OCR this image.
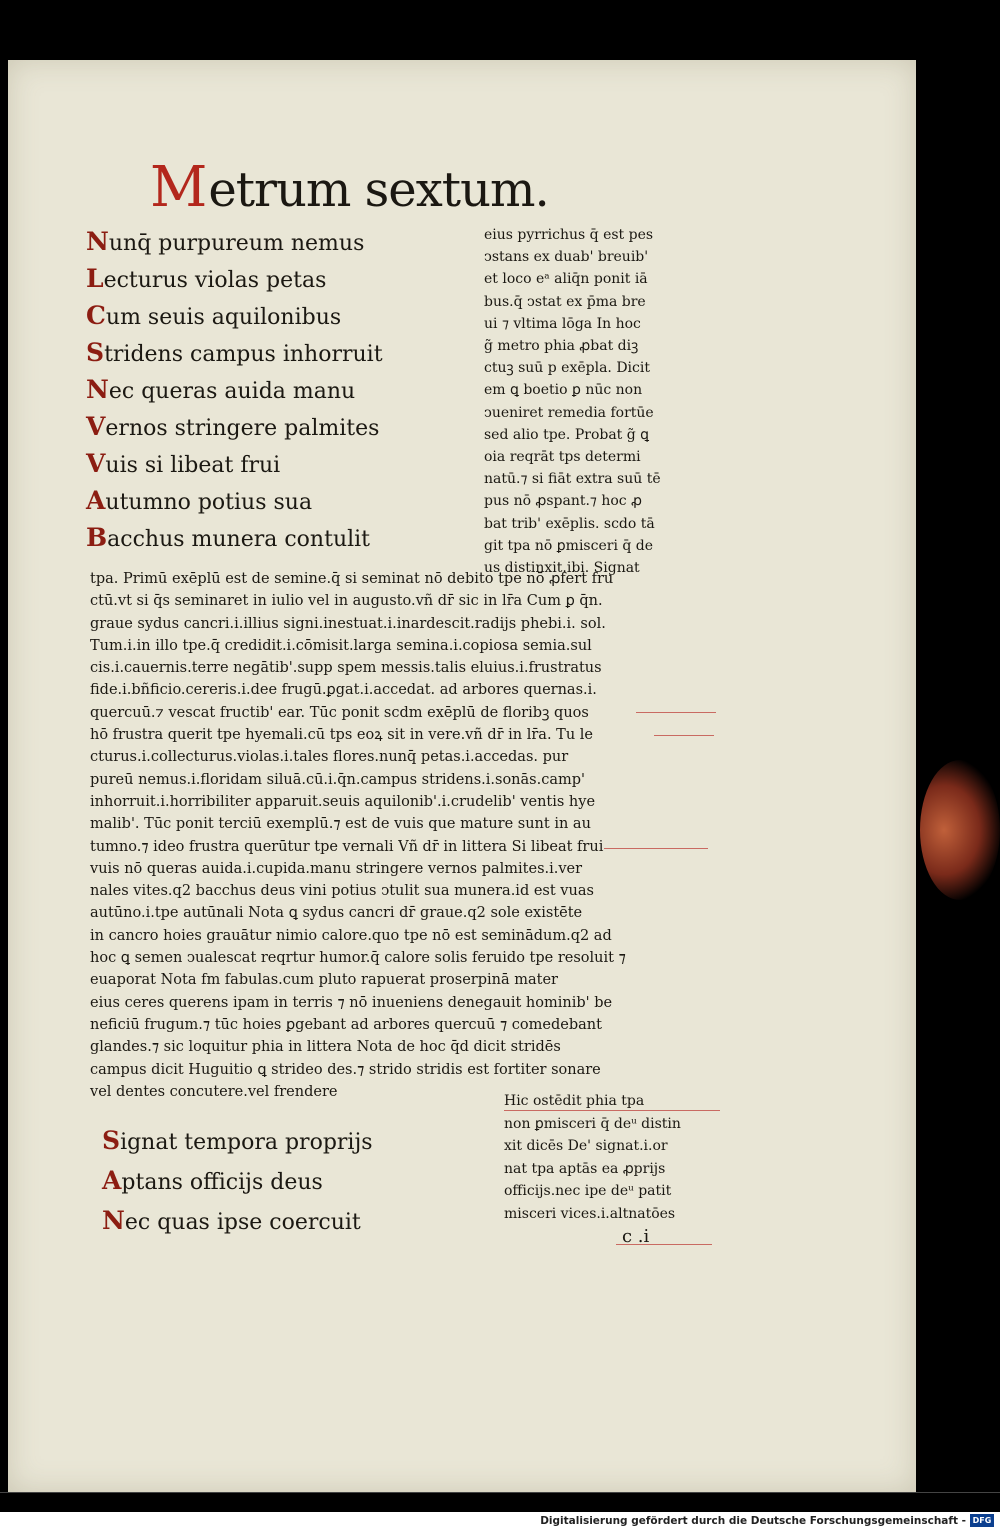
Metrum sextum.
Nunq̄ purpureum nemus
Lecturus violas petas
Cum seuis aquilonibus
Stridens campus inhorruit
Nec queras auida manu
Vernos stringere palmites
Vuis si libeat frui
Autumno potius sua
Bacchus munera contulit
eius pyrrichus q̄ est pes
ↄstans ex duab' breuib'
et loco eᵃ aliq̄n ponit iā
bus.q̄ ↄstat ex p̄ma bre
ui ⁊ vltima lōga In hoc
g̃ metro phia ꝓbat diꝫ
ctuꝫ suū p exēpla. Dicit
em ꝗ boetio ꝑ nūc non
ↄueniret remedia fortūe
sed alio tpe. Probat g̃ ꝗ
oia reqrāt tps determi
natū.⁊ si fiāt extra suū tē
pus nō ꝓspant.⁊ hoc ꝓ
bat trib' exēplis. scdo tā
git tpa nō ꝑmisceri q̄ de
us distinxit.ibi. Signat
tpa. Primū exēplū est de semine.q̄ si seminat nō debito tpe nō ꝓfert fru
ctū.vt si q̄s seminaret in iulio vel in augusto.vñ dr̄ sic in lr̄a Cum ꝑ q̄n.
graue sydus cancri.i.illius signi.inestuat.i.inardescit.radijs phebi.i. sol.
Tum.i.in illo tpe.q̄ credidit.i.cōmisit.larga semina.i.copiosa semia.sul
cis.i.cauernis.terre negātib'.supp spem messis.talis eluius.i.frustratus
fide.i.bñficio.cereris.i.dee frugū.ꝑgat.i.accedat. ad arbores quernas.i.
quercuū.⁊ vescat fructib' ear. Tūc ponit scdm exēplū de floribꝫ quos
hō frustra querit tpe hyemali.cū tps eoꝝ sit in vere.vñ dr̄ in lr̄a. Tu le
cturus.i.collecturus.violas.i.tales flores.nunq̄ petas.i.accedas. pur
pureū nemus.i.floridam siluā.cū.i.q̄n.campus stridens.i.sonās.camp'
inhorruit.i.horribiliter apparuit.seuis aquilonib'.i.crudelib' ventis hye
malib'. Tūc ponit terciū exemplū.⁊ est de vuis que mature sunt in au
tumno.⁊ ideo frustra querūtur tpe vernali Vñ dr̄ in littera Si libeat frui
vuis nō queras auida.i.cupida.manu stringere vernos palmites.i.ver
nales vites.q2 bacchus deus vini potius ↄtulit sua munera.id est vuas
autūno.i.tpe autūnali Nota ꝗ sydus cancri dr̄ graue.q2 sole existēte
in cancro hoies grauātur nimio calore.quo tpe nō est seminādum.q2 ad
hoc ꝗ semen ↄualescat reqrtur humor.q̄ calore solis feruido tpe resoluit ⁊
euaporat Nota fm fabulas.cum pluto rapuerat proserpinā mater
eius ceres querens ipam in terris ⁊ nō inueniens denegauit hominib' be
neficiū frugum.⁊ tūc hoies ꝑgebant ad arbores quercuū ⁊ comedebant
glandes.⁊ sic loquitur phia in littera Nota de hoc q̄d dicit stridēs
campus dicit Huguitio ꝗ strideo des.⁊ strido stridis est fortiter sonare
vel dentes concutere.vel frendere
Signat tempora proprijs
Aptans officijs deus
Nec quas ipse coercuit
Hic ostēdit phia tpa
non ꝑmisceri q̄ deᵘ distin
xit dicēs De' signat.i.or
nat tpa aptās ea ꝓprijs
officijs.nec ipe deᵘ patit
misceri vices.i.altnatōes
c .i
Digitalisierung gefördert durch die Deutsche Forschungsgemeinschaft - DFG
